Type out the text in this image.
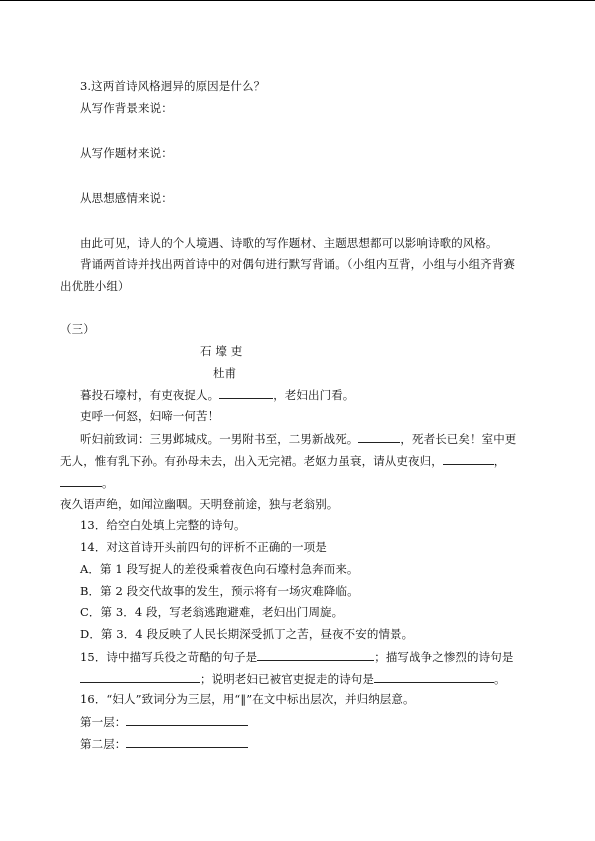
3.这两首诗风格迥异的原因是什么？
从写作背景来说：
从写作题材来说：
从思想感情来说：
由此可见，诗人的个人境遇、诗歌的写作题材、主题思想都可以影响诗歌的风格。
背诵两首诗并找出两首诗中的对偶句进行默写背诵。（小组内互背，小组与小组齐背赛
出优胜小组）
（三）
石 壕 吏
杜甫
暮投石壕村，有吏夜捉人。	，老妇出门看。
吏呼一何怒，妇啼一何苦！
听妇前致词：三男邺城戍。一男附书至，二男新战死。	，死者长已矣！室中更
无人，惟有乳下孙。有孙母未去，出入无完裙。老妪力虽衰，请从吏夜归，	，
。
夜久语声绝，如闻泣幽咽。天明登前途，独与老翁别。
13．给空白处填上完整的诗句。
14．对这首诗开头前四句的评析不正确的一项是
A．第 1 段写捉人的差役乘着夜色向石壕村急奔而来。
B．第 2 段交代故事的发生，预示将有一场灾难降临。
C．第 3．4 段，写老翁逃跑避难，老妇出门周旋。
D．第 3．4 段反映了人民长期深受抓丁之苦，昼夜不安的情景。
15．诗中描写兵役之苛酷的句子是	；描写战争之惨烈的诗句是
；说明老妇已被官吏捉走的诗句是	。
16．“妇人”致词分为三层，用“‖”在文中标出层次，并归纳层意。
第一层：
第二层：
